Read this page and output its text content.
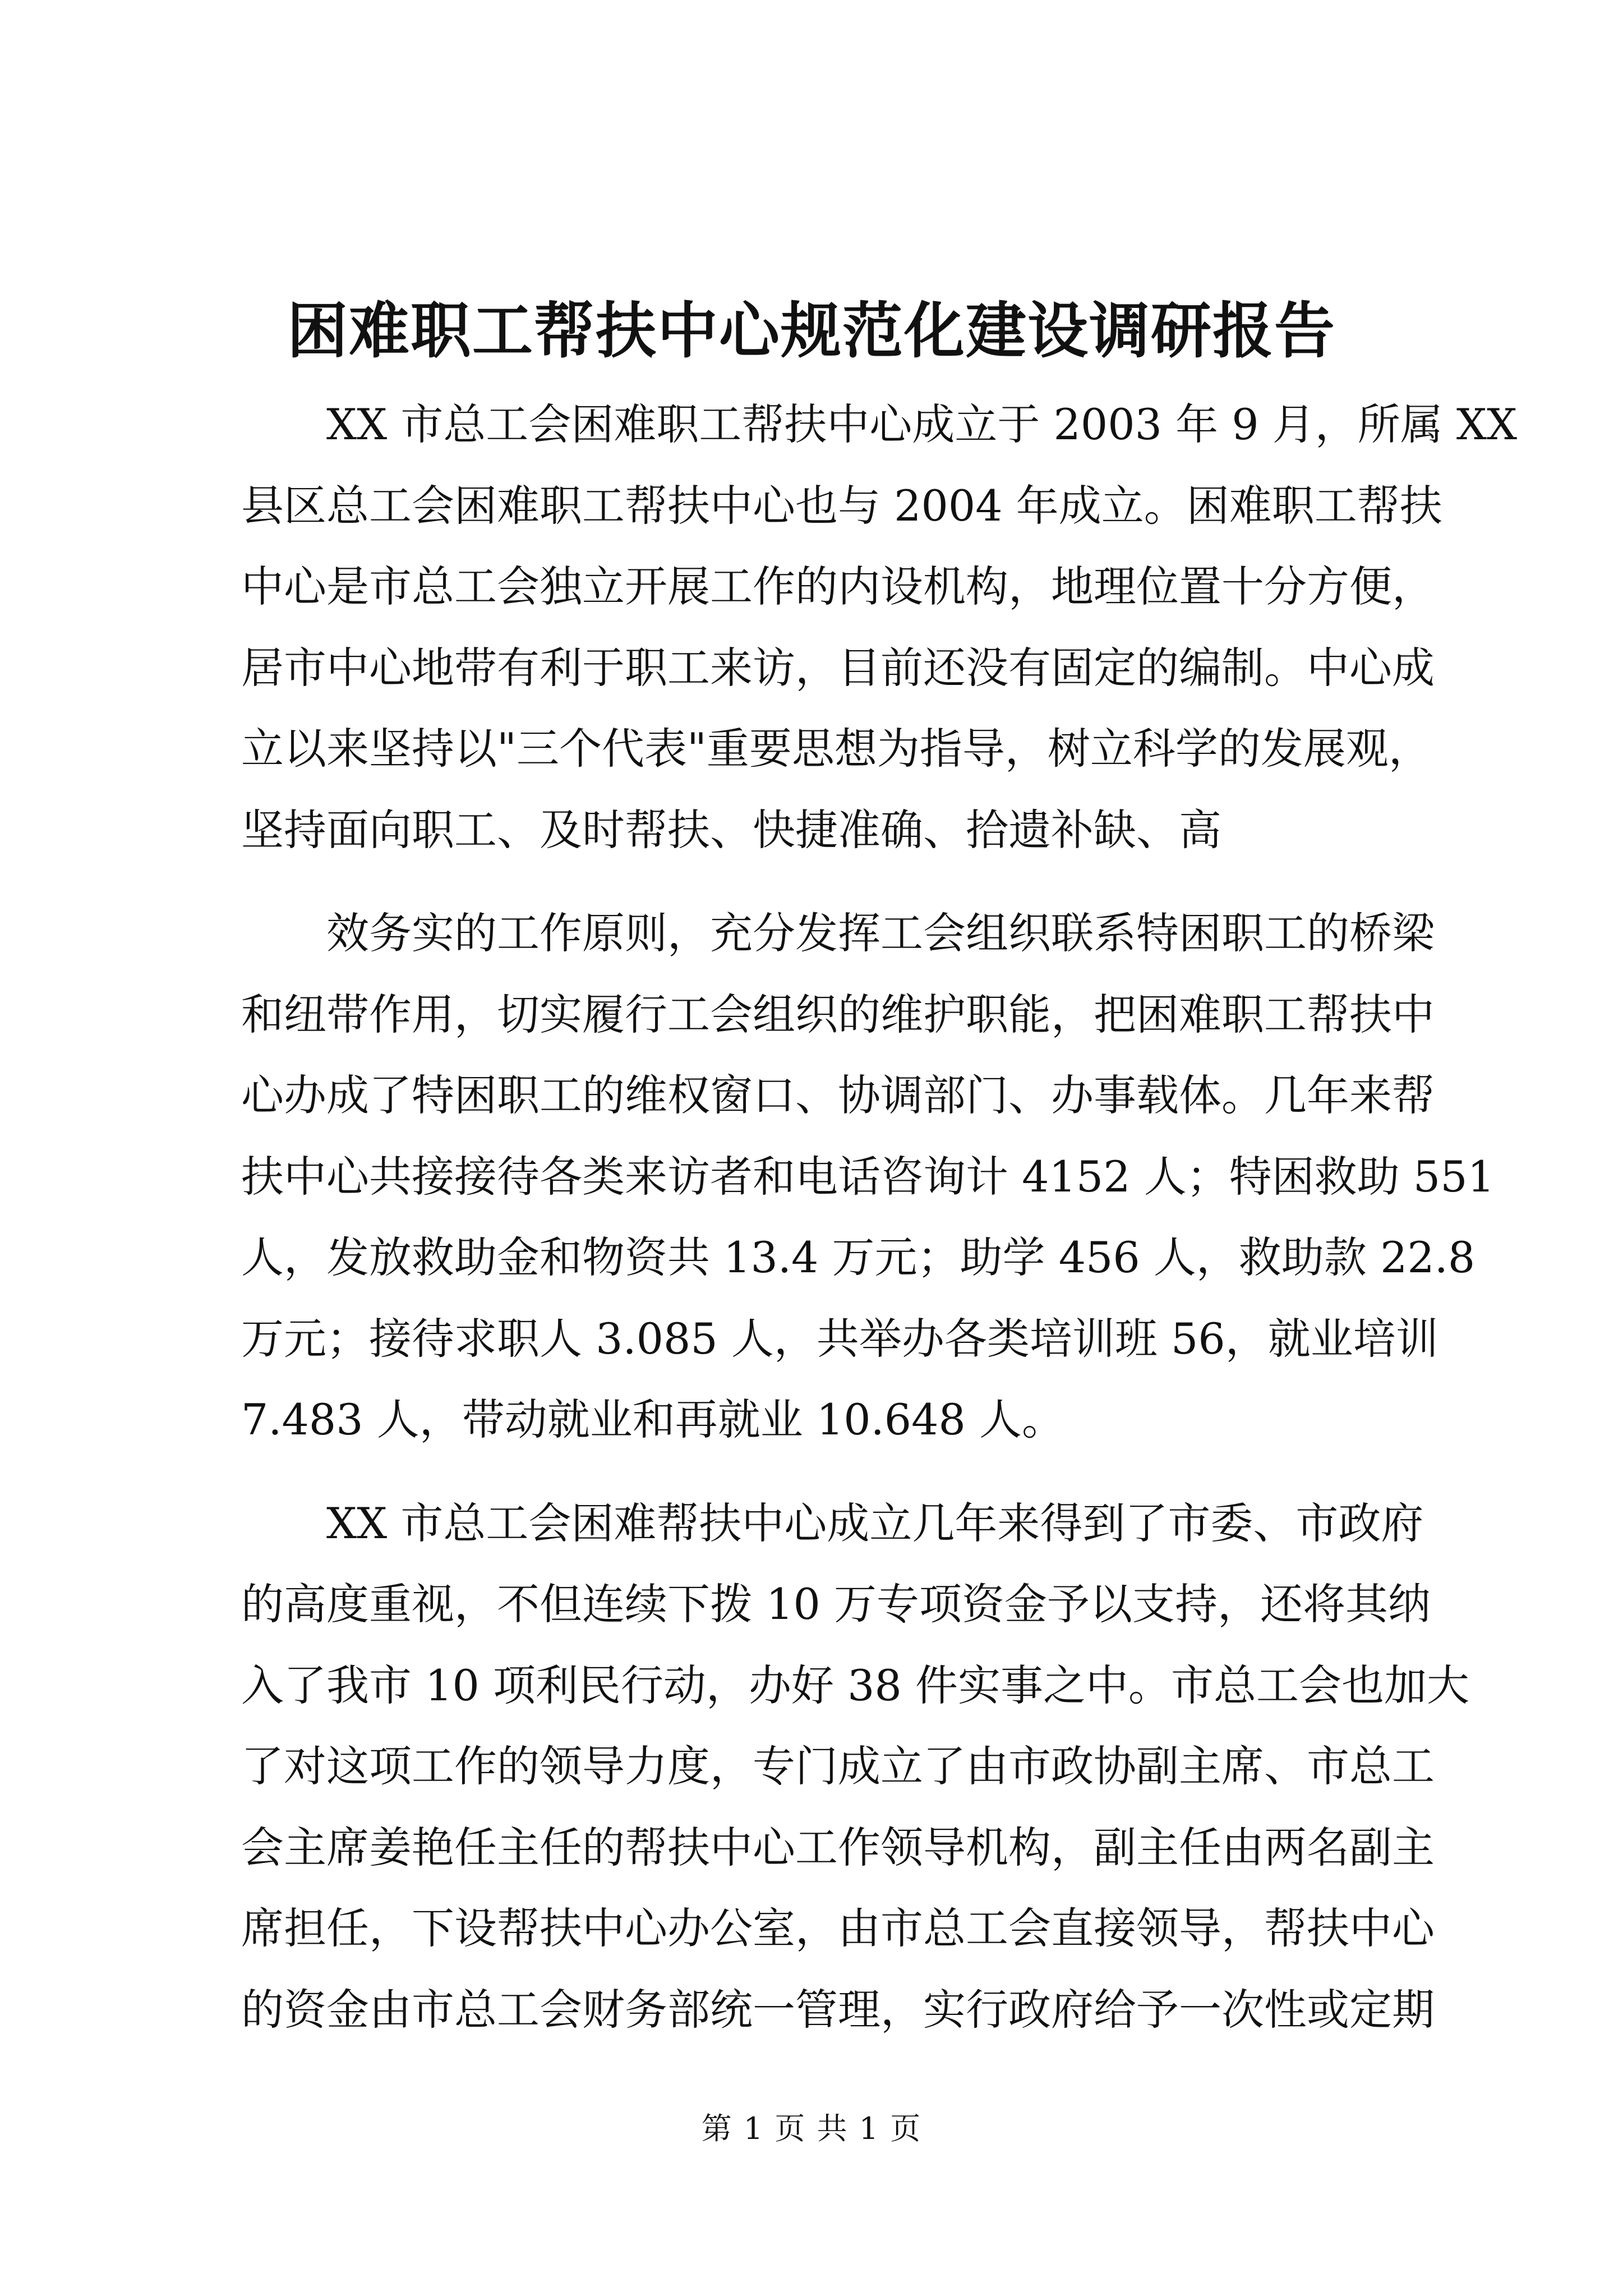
困难职工帮扶中心规范化建设调研报告
XX 市总工会困难职工帮扶中心成立于 2003 年 9 月，所属 XX
县区总工会困难职工帮扶中心也与 2004 年成立。困难职工帮扶
中心是市总工会独立开展工作的内设机构，地理位置十分方便，
居市中心地带有利于职工来访，目前还没有固定的编制。中心成
立以来坚持以"三个代表"重要思想为指导，树立科学的发展观，
坚持面向职工、及时帮扶、快捷准确、拾遗补缺、高
效务实的工作原则，充分发挥工会组织联系特困职工的桥梁
和纽带作用，切实履行工会组织的维护职能，把困难职工帮扶中
心办成了特困职工的维权窗口、协调部门、办事载体。几年来帮
扶中心共接接待各类来访者和电话咨询计 4152 人；特困救助 551
人，发放救助金和物资共 13.4 万元；助学 456 人，救助款 22.8
万元；接待求职人 3.085 人，共举办各类培训班 56，就业培训
7.483 人，带动就业和再就业 10.648 人。
XX 市总工会困难帮扶中心成立几年来得到了市委、市政府
的高度重视，不但连续下拨 10 万专项资金予以支持，还将其纳
入了我市 10 项利民行动，办好 38 件实事之中。市总工会也加大
了对这项工作的领导力度，专门成立了由市政协副主席、市总工
会主席姜艳任主任的帮扶中心工作领导机构，副主任由两名副主
席担任，下设帮扶中心办公室，由市总工会直接领导，帮扶中心
的资金由市总工会财务部统一管理，实行政府给予一次性或定期
第 1 页 共 1 页
